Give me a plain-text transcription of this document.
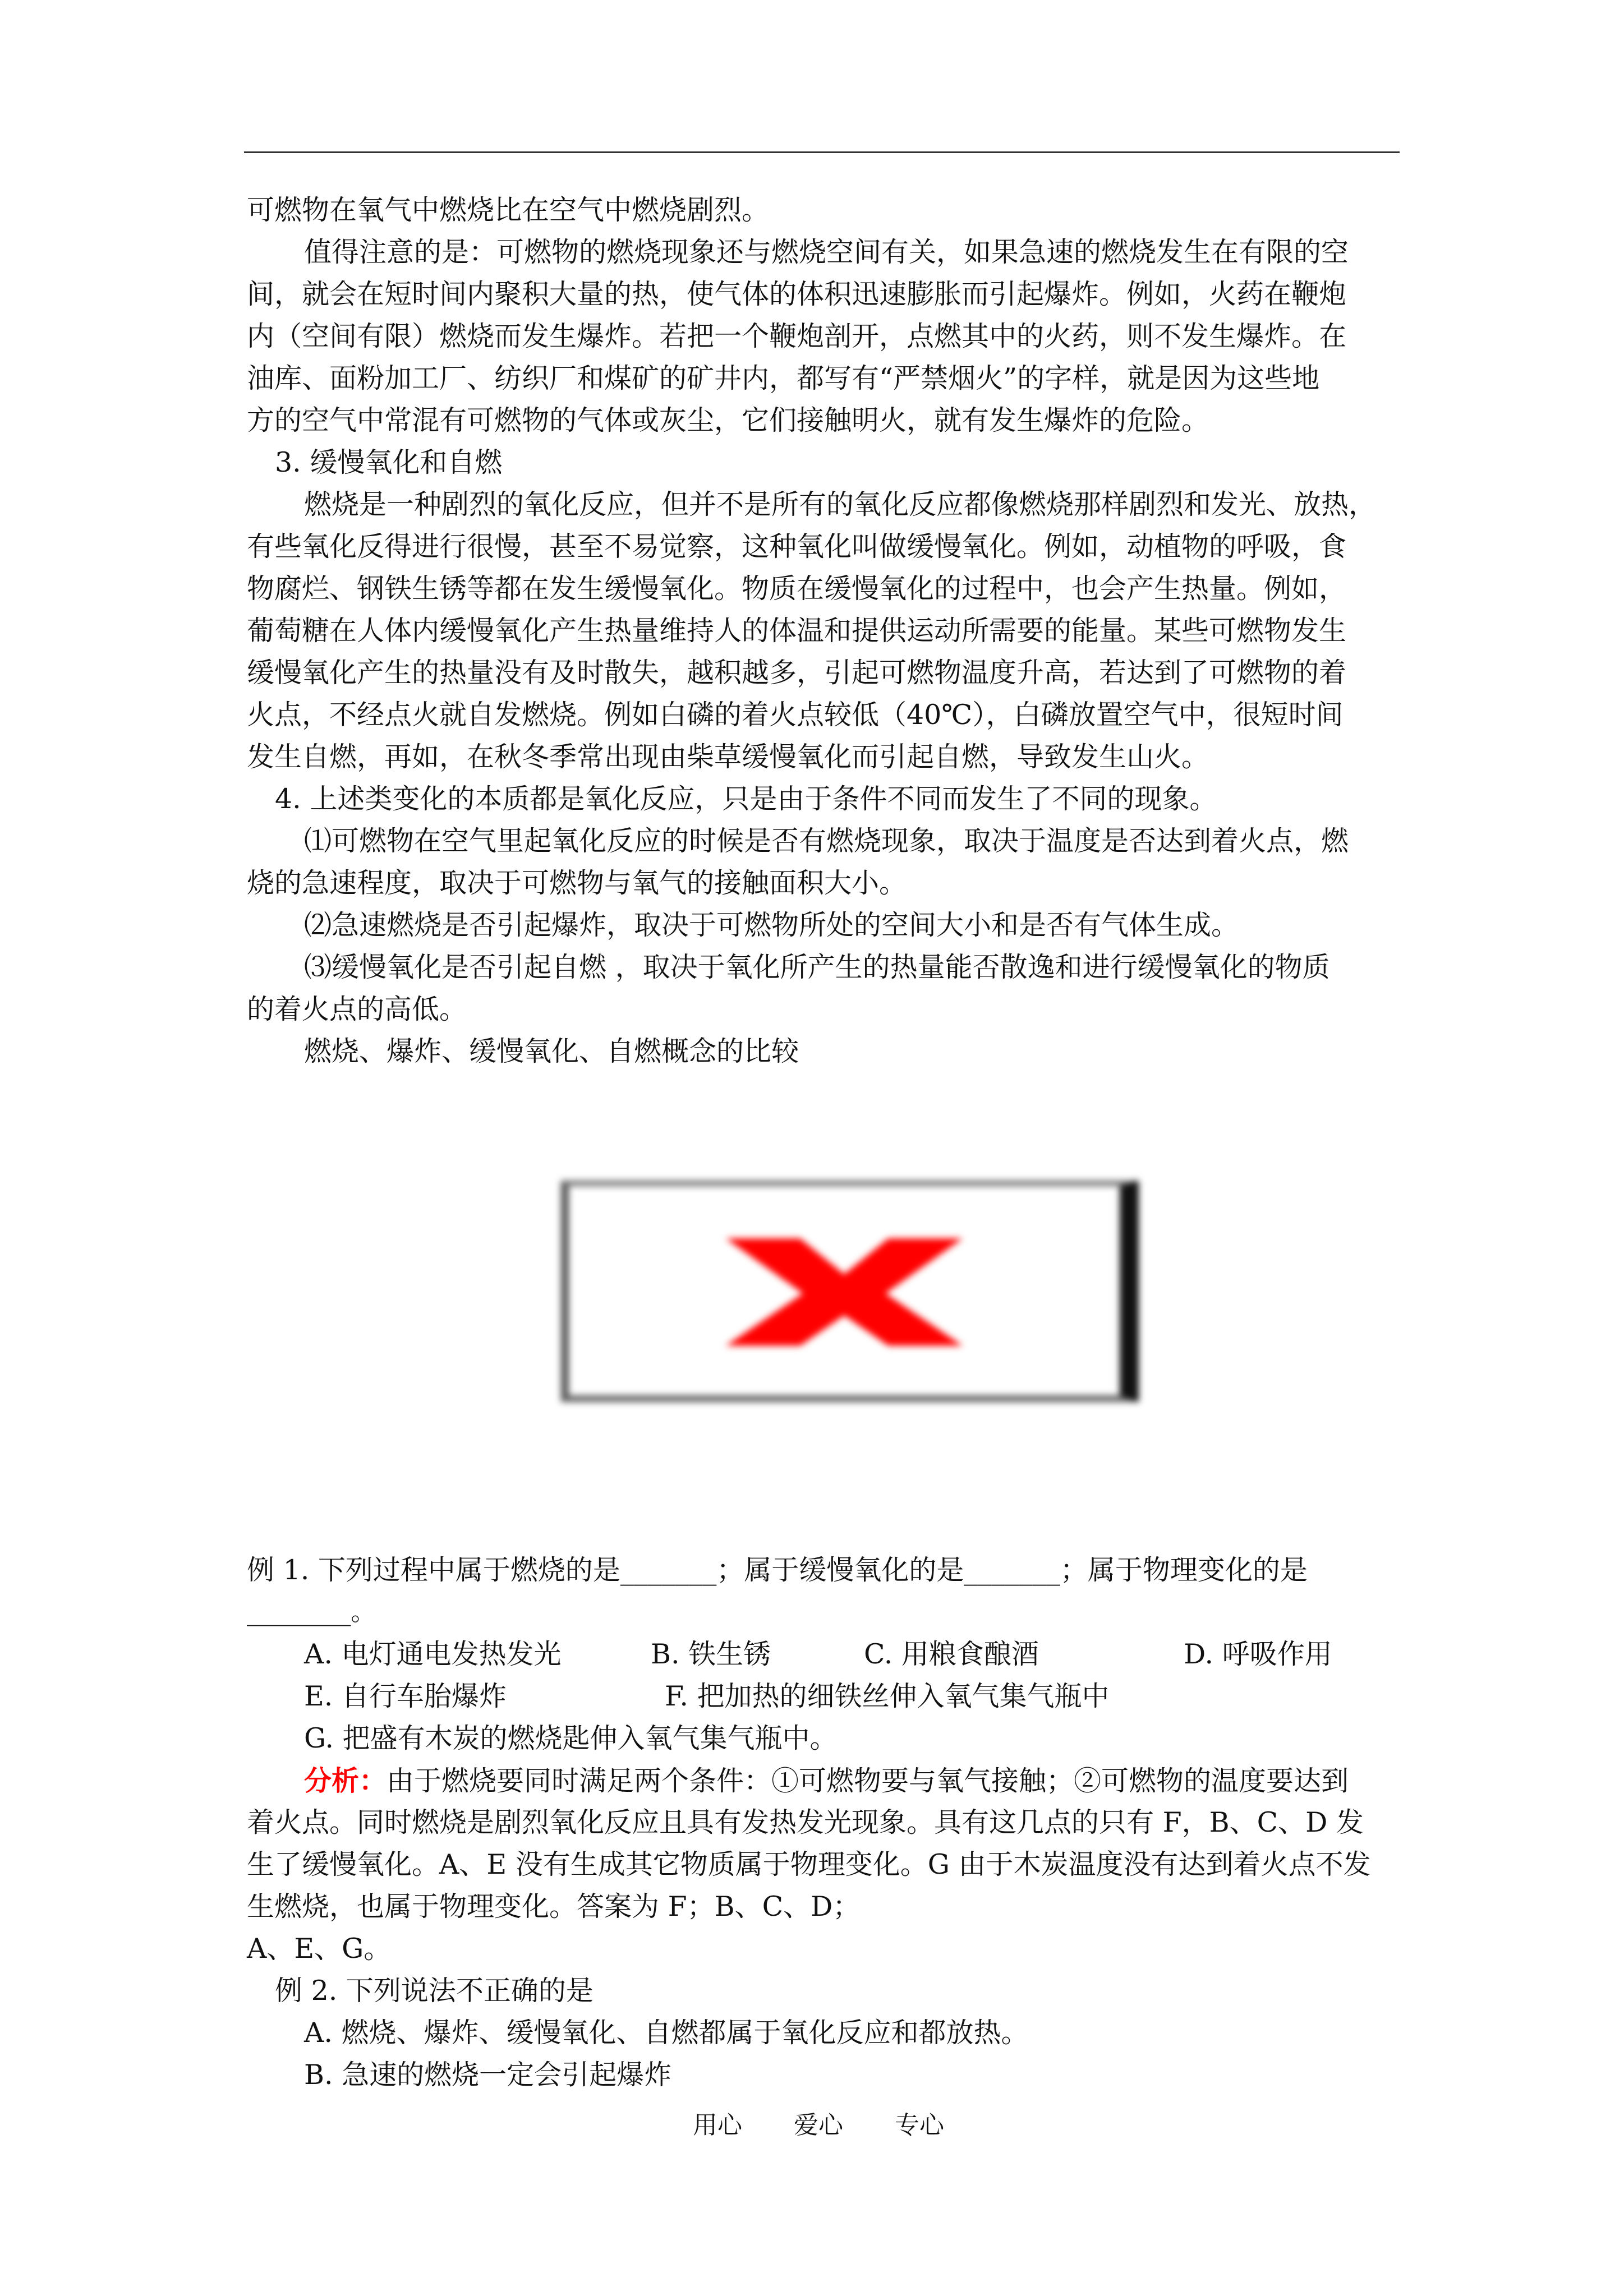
可燃物在氧气中燃烧比在空气中燃烧剧烈。
值得注意的是：可燃物的燃烧现象还与燃烧空间有关，如果急速的燃烧发生在有限的空
间，就会在短时间内聚积大量的热，使气体的体积迅速膨胀而引起爆炸。例如，火药在鞭炮
内（空间有限）燃烧而发生爆炸。若把一个鞭炮剖开，点燃其中的火药，则不发生爆炸。在
油库、面粉加工厂、纺织厂和煤矿的矿井内，都写有“严禁烟火”的字样，就是因为这些地
方的空气中常混有可燃物的气体或灰尘，它们接触明火，就有发生爆炸的危险。
3. 缓慢氧化和自燃
燃烧是一种剧烈的氧化反应，但并不是所有的氧化反应都像燃烧那样剧烈和发光、放热，
有些氧化反得进行很慢，甚至不易觉察，这种氧化叫做缓慢氧化。例如，动植物的呼吸，食
物腐烂、钢铁生锈等都在发生缓慢氧化。物质在缓慢氧化的过程中，也会产生热量。例如，
葡萄糖在人体内缓慢氧化产生热量维持人的体温和提供运动所需要的能量。某些可燃物发生
缓慢氧化产生的热量没有及时散失，越积越多，引起可燃物温度升高，若达到了可燃物的着
火点，不经点火就自发燃烧。例如白磷的着火点较低（40℃），白磷放置空气中，很短时间
发生自燃，再如，在秋冬季常出现由柴草缓慢氧化而引起自燃，导致发生山火。
4. 上述类变化的本质都是氧化反应，只是由于条件不同而发生了不同的现象。
⑴可燃物在空气里起氧化反应的时候是否有燃烧现象，取决于温度是否达到着火点，燃
烧的急速程度，取决于可燃物与氧气的接触面积大小。
⑵急速燃烧是否引起爆炸，取决于可燃物所处的空间大小和是否有气体生成。
⑶缓慢氧化是否引起自燃 ，取决于氧化所产生的热量能否散逸和进行缓慢氧化的物质
的着火点的高低。
燃烧、爆炸、缓慢氧化、自燃概念的比较
例 1. 下列过程中属于燃烧的是_______；属于缓慢氧化的是_______；属于物理变化的是
_______。
A. 电灯通电发热发光	B. 铁生锈	C. 用粮食酿酒	D. 呼吸作用
E. 自行车胎爆炸	F. 把加热的细铁丝伸入氧气集气瓶中
G. 把盛有木炭的燃烧匙伸入氧气集气瓶中。
分析：由于燃烧要同时满足两个条件：①可燃物要与氧气接触；②可燃物的温度要达到
着火点。同时燃烧是剧烈氧化反应且具有发热发光现象。具有这几点的只有 F，B、C、D 发
生了缓慢氧化。A、E 没有生成其它物质属于物理变化。G 由于木炭温度没有达到着火点不发
生燃烧，也属于物理变化。答案为 F；B、C、D；
A、E、G。
例 2. 下列说法不正确的是
A. 燃烧、爆炸、缓慢氧化、自燃都属于氧化反应和都放热。
B. 急速的燃烧一定会引起爆炸
用心 爱心 专心
